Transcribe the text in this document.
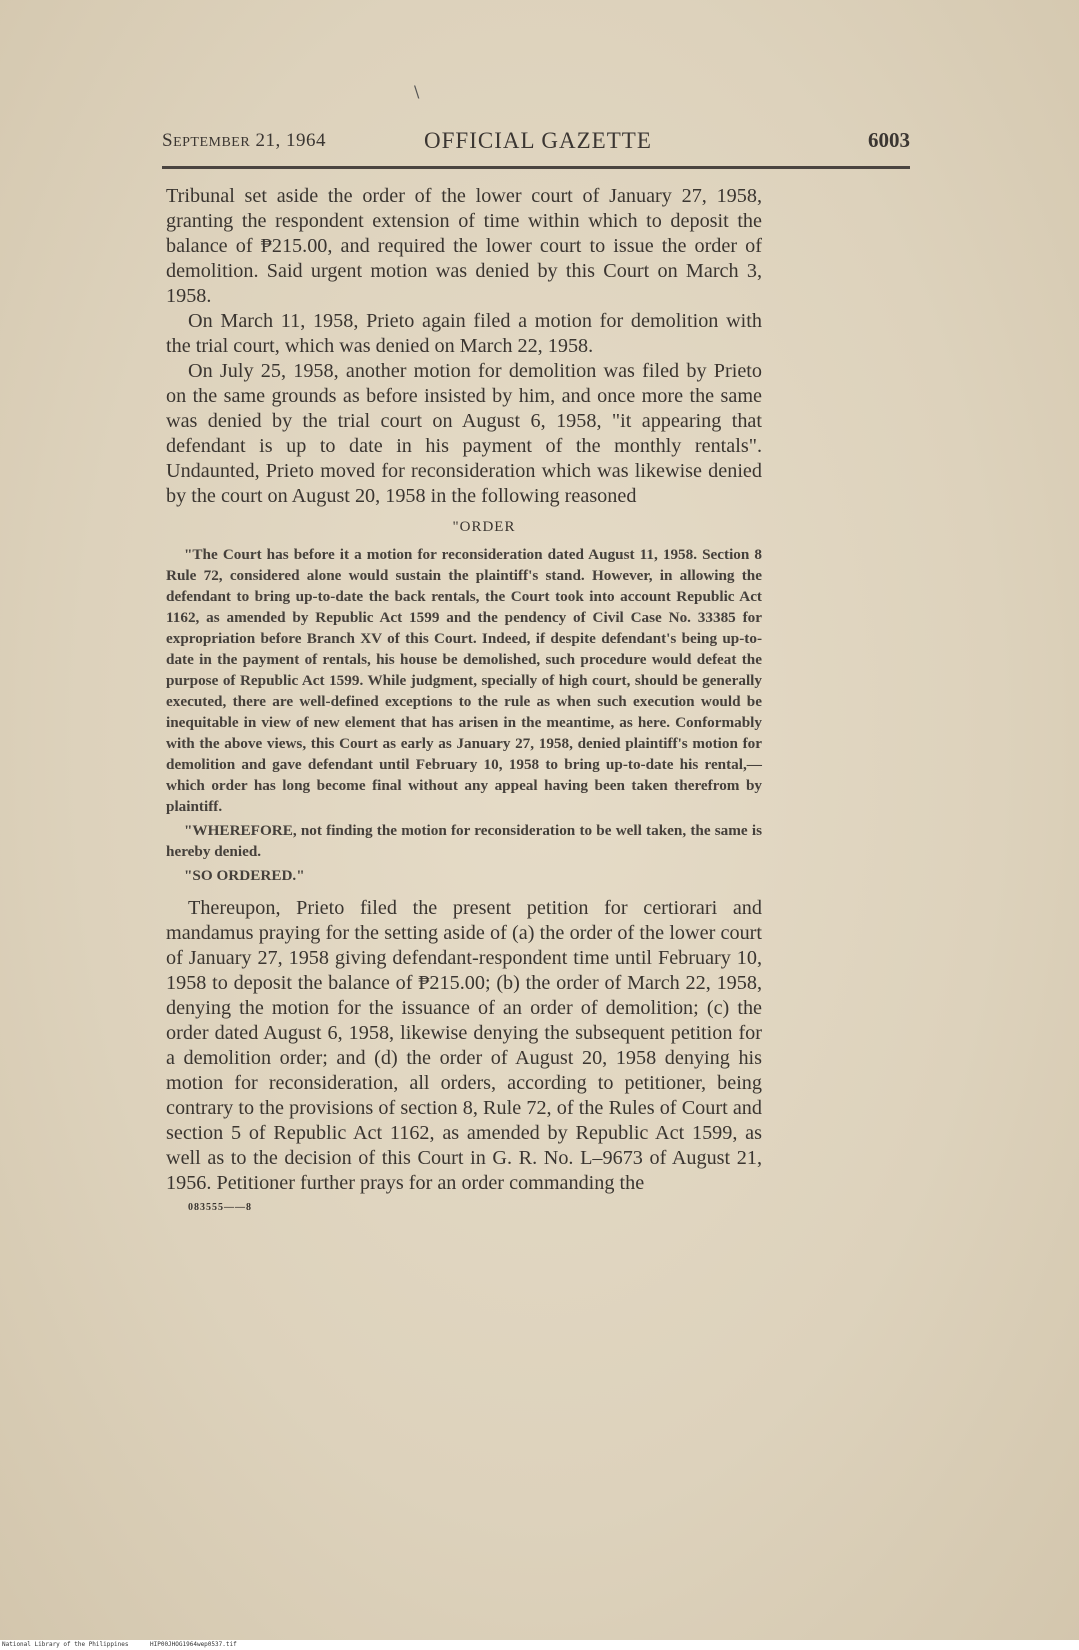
\
SEPTEMBER 21, 1964	OFFICIAL GAZETTE	6003

Tribunal set aside the order of the lower court of January 27, 1958, granting the respondent extension of time within which to deposit the balance of ₱215.00, and required the lower court to issue the order of demolition. Said urgent motion was denied by this Court on March 3, 1958.

On March 11, 1958, Prieto again filed a motion for demolition with the trial court, which was denied on March 22, 1958.

On July 25, 1958, another motion for demolition was filed by Prieto on the same grounds as before insisted by him, and once more the same was denied by the trial court on August 6, 1958, "it appearing that defendant is up to date in his payment of the monthly rentals". Undaunted, Prieto moved for reconsideration which was likewise denied by the court on August 20, 1958 in the following reasoned

"ORDER

"The Court has before it a motion for reconsideration dated August 11, 1958. Section 8 Rule 72, considered alone would sustain the plaintiff's stand. However, in allowing the defendant to bring up-to-date the back rentals, the Court took into account Republic Act 1162, as amended by Republic Act 1599 and the pendency of Civil Case No. 33385 for expropriation before Branch XV of this Court. Indeed, if despite defendant's being up-to-date in the payment of rentals, his house be demolished, such procedure would defeat the purpose of Republic Act 1599. While judgment, specially of high court, should be generally executed, there are well-defined exceptions to the rule as when such execution would be inequitable in view of new element that has arisen in the meantime, as here. Conformably with the above views, this Court as early as January 27, 1958, denied plaintiff's motion for demolition and gave defendant until February 10, 1958 to bring up-to-date his rental,—which order has long become final without any appeal having been taken therefrom by plaintiff.

"WHEREFORE, not finding the motion for reconsideration to be well taken, the same is hereby denied.

"SO ORDERED."

Thereupon, Prieto filed the present petition for certiorari and mandamus praying for the setting aside of (a) the order of the lower court of January 27, 1958 giving defendant-respondent time until February 10, 1958 to deposit the balance of ₱215.00; (b) the order of March 22, 1958, denying the motion for the issuance of an order of demolition; (c) the order dated August 6, 1958, likewise denying the subsequent petition for a demolition order; and (d) the order of August 20, 1958 denying his motion for reconsideration, all orders, according to petitioner, being contrary to the provisions of section 8, Rule 72, of the Rules of Court and section 5 of Republic Act 1162, as amended by Republic Act 1599, as well as to the decision of this Court in G. R. No. L–9673 of August 21, 1956. Petitioner further prays for an order commanding the

083555——8
National Library of the Philippines	HIP00JHOG1964wep0537.tif
